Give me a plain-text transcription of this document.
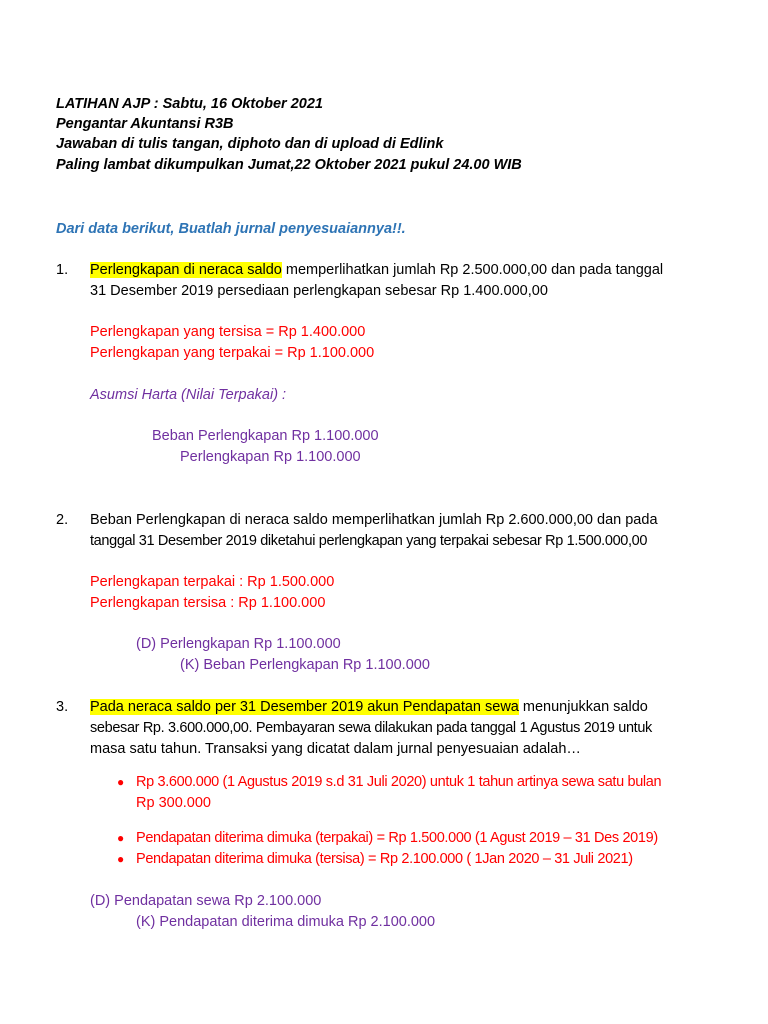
LATIHAN AJP : Sabtu, 16 Oktober 2021
Pengantar Akuntansi R3B
Jawaban di tulis tangan, diphoto dan di upload di Edlink
Paling lambat dikumpulkan Jumat,22 Oktober 2021 pukul 24.00 WIB
Dari data berikut, Buatlah jurnal penyesuaiannya!!.
1. Perlengkapan di neraca saldo memperlihatkan jumlah Rp 2.500.000,00 dan pada tanggal
31 Desember 2019 persediaan perlengkapan sebesar Rp 1.400.000,00
Perlengkapan yang tersisa = Rp 1.400.000
Perlengkapan yang terpakai = Rp 1.100.000
Asumsi Harta (Nilai Terpakai) :
Beban Perlengkapan Rp 1.100.000
Perlengkapan Rp 1.100.000
2. Beban Perlengkapan di neraca saldo memperlihatkan jumlah Rp 2.600.000,00 dan pada
tanggal 31 Desember 2019 diketahui perlengkapan yang terpakai sebesar Rp 1.500.000,00
Perlengkapan terpakai : Rp 1.500.000
Perlengkapan tersisa : Rp 1.100.000
(D) Perlengkapan Rp 1.100.000
(K) Beban Perlengkapan Rp 1.100.000
3. Pada neraca saldo per 31 Desember 2019 akun Pendapatan sewa menunjukkan saldo
sebesar Rp. 3.600.000,00. Pembayaran sewa dilakukan pada tanggal 1 Agustus 2019 untuk
masa satu tahun. Transaksi yang dicatat dalam jurnal penyesuaian adalah…
● Rp 3.600.000 (1 Agustus 2019 s.d 31 Juli 2020) untuk 1 tahun artinya sewa satu bulan
Rp 300.000
● Pendapatan diterima dimuka (terpakai) = Rp 1.500.000 (1 Agust 2019 – 31 Des 2019)
● Pendapatan diterima dimuka (tersisa) = Rp 2.100.000 ( 1Jan 2020 – 31 Juli 2021)
(D) Pendapatan sewa Rp 2.100.000
(K) Pendapatan diterima dimuka Rp 2.100.000
